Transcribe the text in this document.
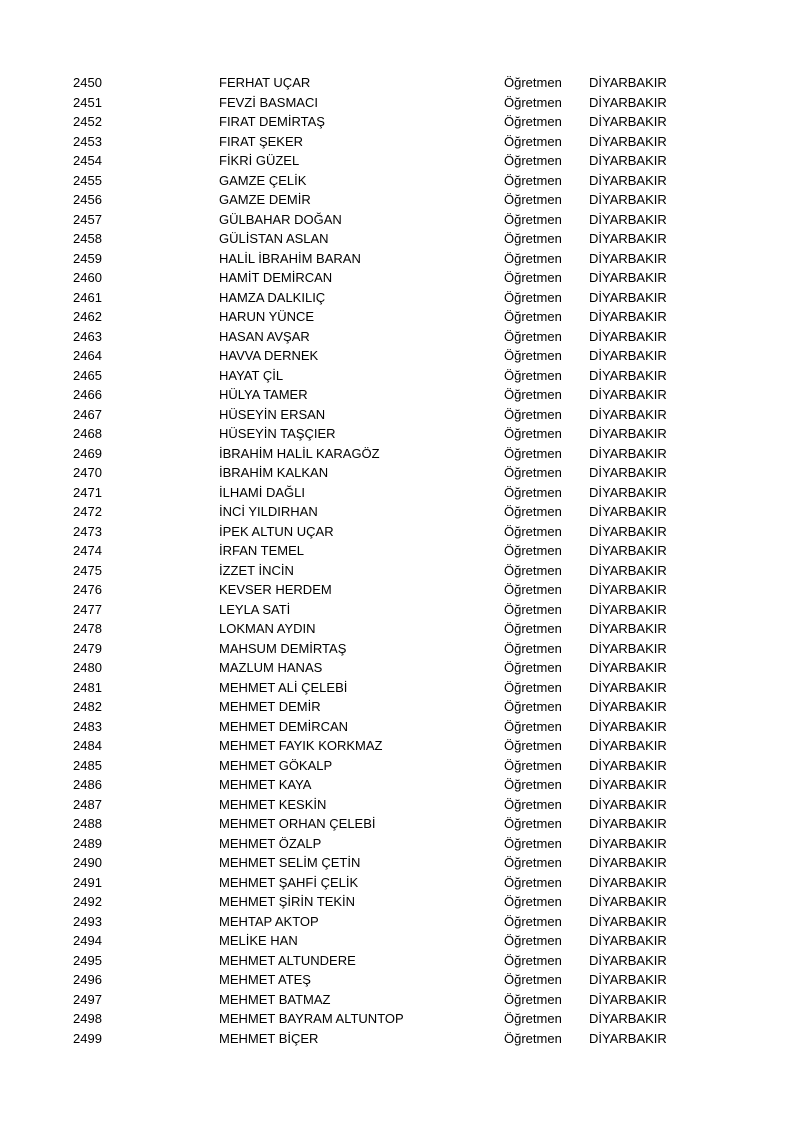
2450	FERHAT UÇAR	Öğretmen DİYARBAKIR
2451	FEVZİ BASMACI	Öğretmen DİYARBAKIR
2452	FIRAT DEMİRTAŞ	Öğretmen DİYARBAKIR
2453	FIRAT ŞEKER	Öğretmen DİYARBAKIR
2454	FİKRİ GÜZEL	Öğretmen DİYARBAKIR
2455	GAMZE ÇELİK	Öğretmen DİYARBAKIR
2456	GAMZE DEMİR	Öğretmen DİYARBAKIR
2457	GÜLBAHAR DOĞAN	Öğretmen DİYARBAKIR
2458	GÜLİSTAN ASLAN	Öğretmen DİYARBAKIR
2459	HALİL İBRAHİM BARAN	Öğretmen DİYARBAKIR
2460	HAMİT DEMİRCAN	Öğretmen DİYARBAKIR
2461	HAMZA DALKILIÇ	Öğretmen DİYARBAKIR
2462	HARUN YÜNCE	Öğretmen DİYARBAKIR
2463	HASAN AVŞAR	Öğretmen DİYARBAKIR
2464	HAVVA DERNEK	Öğretmen DİYARBAKIR
2465	HAYAT ÇİL	Öğretmen DİYARBAKIR
2466	HÜLYA TAMER	Öğretmen DİYARBAKIR
2467	HÜSEYİN ERSAN	Öğretmen DİYARBAKIR
2468	HÜSEYİN TAŞÇIER	Öğretmen DİYARBAKIR
2469	İBRAHİM HALİL KARAGÖZ	Öğretmen DİYARBAKIR
2470	İBRAHİM KALKAN	Öğretmen DİYARBAKIR
2471	İLHAMİ DAĞLI	Öğretmen DİYARBAKIR
2472	İNCİ YILDIRHAN	Öğretmen DİYARBAKIR
2473	İPEK ALTUN UÇAR	Öğretmen DİYARBAKIR
2474	İRFAN TEMEL	Öğretmen DİYARBAKIR
2475	İZZET İNCİN	Öğretmen DİYARBAKIR
2476	KEVSER HERDEM	Öğretmen DİYARBAKIR
2477	LEYLA SATİ	Öğretmen DİYARBAKIR
2478	LOKMAN AYDIN	Öğretmen DİYARBAKIR
2479	MAHSUM DEMİRTAŞ	Öğretmen DİYARBAKIR
2480	MAZLUM HANAS	Öğretmen DİYARBAKIR
2481	MEHMET ALİ ÇELEBİ	Öğretmen DİYARBAKIR
2482	MEHMET DEMİR	Öğretmen DİYARBAKIR
2483	MEHMET DEMİRCAN	Öğretmen DİYARBAKIR
2484	MEHMET FAYIK KORKMAZ	Öğretmen DİYARBAKIR
2485	MEHMET GÖKALP	Öğretmen DİYARBAKIR
2486	MEHMET KAYA	Öğretmen DİYARBAKIR
2487	MEHMET KESKİN	Öğretmen DİYARBAKIR
2488	MEHMET ORHAN ÇELEBİ	Öğretmen DİYARBAKIR
2489	MEHMET ÖZALP	Öğretmen DİYARBAKIR
2490	MEHMET SELİM ÇETİN	Öğretmen DİYARBAKIR
2491	MEHMET ŞAHFİ ÇELİK	Öğretmen DİYARBAKIR
2492	MEHMET ŞİRİN TEKİN	Öğretmen DİYARBAKIR
2493	MEHTAP AKTOP	Öğretmen DİYARBAKIR
2494	MELİKE HAN	Öğretmen DİYARBAKIR
2495	MEHMET ALTUNDERE	Öğretmen DİYARBAKIR
2496	MEHMET ATEŞ	Öğretmen DİYARBAKIR
2497	MEHMET BATMAZ	Öğretmen DİYARBAKIR
2498	MEHMET BAYRAM ALTUNTOP	Öğretmen DİYARBAKIR
2499	MEHMET BİÇER	Öğretmen DİYARBAKIR
